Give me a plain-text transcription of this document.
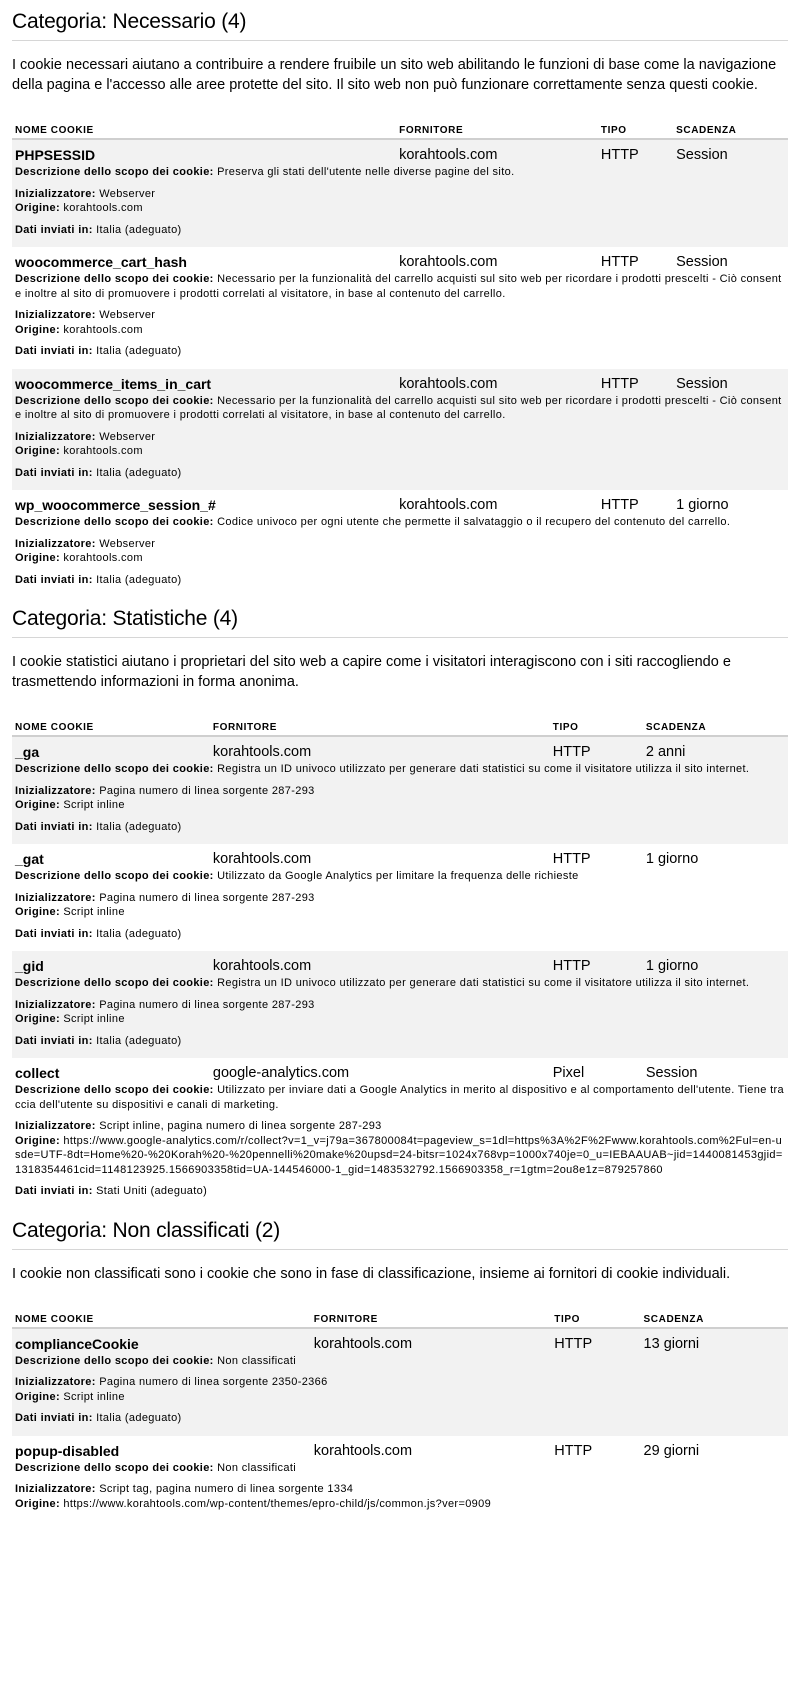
Categoria: Necessario (4)

I cookie necessari aiutano a contribuire a rendere fruibile un sito web abilitando le funzioni di base come la navigazione della pagina e l'accesso alle aree protette del sito. Il sito web non può funzionare correttamente senza questi cookie.

NOME COOKIE	FORNITORE	TIPO	SCADENZA
PHPSESSID	korahtools.com	HTTP	Session

Descrizione dello scopo dei cookie: Preserva gli stati dell'utente nelle diverse pagine del sito.

Inizializzatore: Webserver

Origine: korahtools.com

Dati inviati in: Italia (adeguato)			

woocommerce_cart_hash	korahtools.com	HTTP	Session

Descrizione dello scopo dei cookie: Necessario per la funzionalità del carrello acquisti sul sito web per ricordare i prodotti prescelti - Ciò consente inoltre al sito di promuovere i prodotti correlati al visitatore, in base al contenuto del carrello.

Inizializzatore: Webserver

Origine: korahtools.com

Dati inviati in: Italia (adeguato)			

woocommerce_items_in_cart	korahtools.com	HTTP	Session

Descrizione dello scopo dei cookie: Necessario per la funzionalità del carrello acquisti sul sito web per ricordare i prodotti prescelti - Ciò consente inoltre al sito di promuovere i prodotti correlati al visitatore, in base al contenuto del carrello.

Inizializzatore: Webserver

Origine: korahtools.com

Dati inviati in: Italia (adeguato)			

wp_woocommerce_session_#	korahtools.com	HTTP	1 giorno

Descrizione dello scopo dei cookie: Codice univoco per ogni utente che permette il salvataggio o il recupero del contenuto del carrello.

Inizializzatore: Webserver

Origine: korahtools.com

Dati inviati in: Italia (adeguato)			

Categoria: Statistiche (4)

I cookie statistici aiutano i proprietari del sito web a capire come i visitatori interagiscono con i siti raccogliendo e trasmettendo informazioni in forma anonima.

NOME COOKIE	FORNITORE	TIPO	SCADENZA
_ga	korahtools.com	HTTP	2 anni

Descrizione dello scopo dei cookie: Registra un ID univoco utilizzato per generare dati statistici su come il visitatore utilizza il sito internet.

Inizializzatore: Pagina numero di linea sorgente 287-293

Origine: Script inline

Dati inviati in: Italia (adeguato)			

_gat	korahtools.com	HTTP	1 giorno

Descrizione dello scopo dei cookie: Utilizzato da Google Analytics per limitare la frequenza delle richieste

Inizializzatore: Pagina numero di linea sorgente 287-293

Origine: Script inline

Dati inviati in: Italia (adeguato)			

_gid	korahtools.com	HTTP	1 giorno

Descrizione dello scopo dei cookie: Registra un ID univoco utilizzato per generare dati statistici su come il visitatore utilizza il sito internet.

Inizializzatore: Pagina numero di linea sorgente 287-293

Origine: Script inline

Dati inviati in: Italia (adeguato)			

collect	google-analytics.com	Pixel	Session

Descrizione dello scopo dei cookie: Utilizzato per inviare dati a Google Analytics in merito al dispositivo e al comportamento dell'utente. Tiene traccia dell'utente su dispositivi e canali di marketing.

Inizializzatore: Script inline, pagina numero di linea sorgente 287-293

Origine: https://www.google-analytics.com/r/collect?v=1_v=j79a=367800084t=pageview_s=1dl=https%3A%2F%2Fwww.korahtools.com%2Ful=en-usde=UTF-8dt=Home%20-%20Korah%20-%20pennelli%20make%20upsd=24-bitsr=1024x768vp=1000x740je=0_u=IEBAAUAB~jid=1440081453gjid=1318354461cid=1148123925.1566903358tid=UA-144546000-1_gid=1483532792.1566903358_r=1gtm=2ou8e1z=879257860

Dati inviati in: Stati Uniti (adeguato)			

Categoria: Non classificati (2)

I cookie non classificati sono i cookie che sono in fase di classificazione, insieme ai fornitori di cookie individuali.

NOME COOKIE	FORNITORE	TIPO	SCADENZA
complianceCookie	korahtools.com	HTTP	13 giorni

Descrizione dello scopo dei cookie: Non classificati

Inizializzatore: Pagina numero di linea sorgente 2350-2366

Origine: Script inline

Dati inviati in: Italia (adeguato)			

popup-disabled	korahtools.com	HTTP	29 giorni

Descrizione dello scopo dei cookie: Non classificati

Inizializzatore: Script tag, pagina numero di linea sorgente 1334

Origine: https://www.korahtools.com/wp-content/themes/epro-child/js/common.js?ver=0909			
